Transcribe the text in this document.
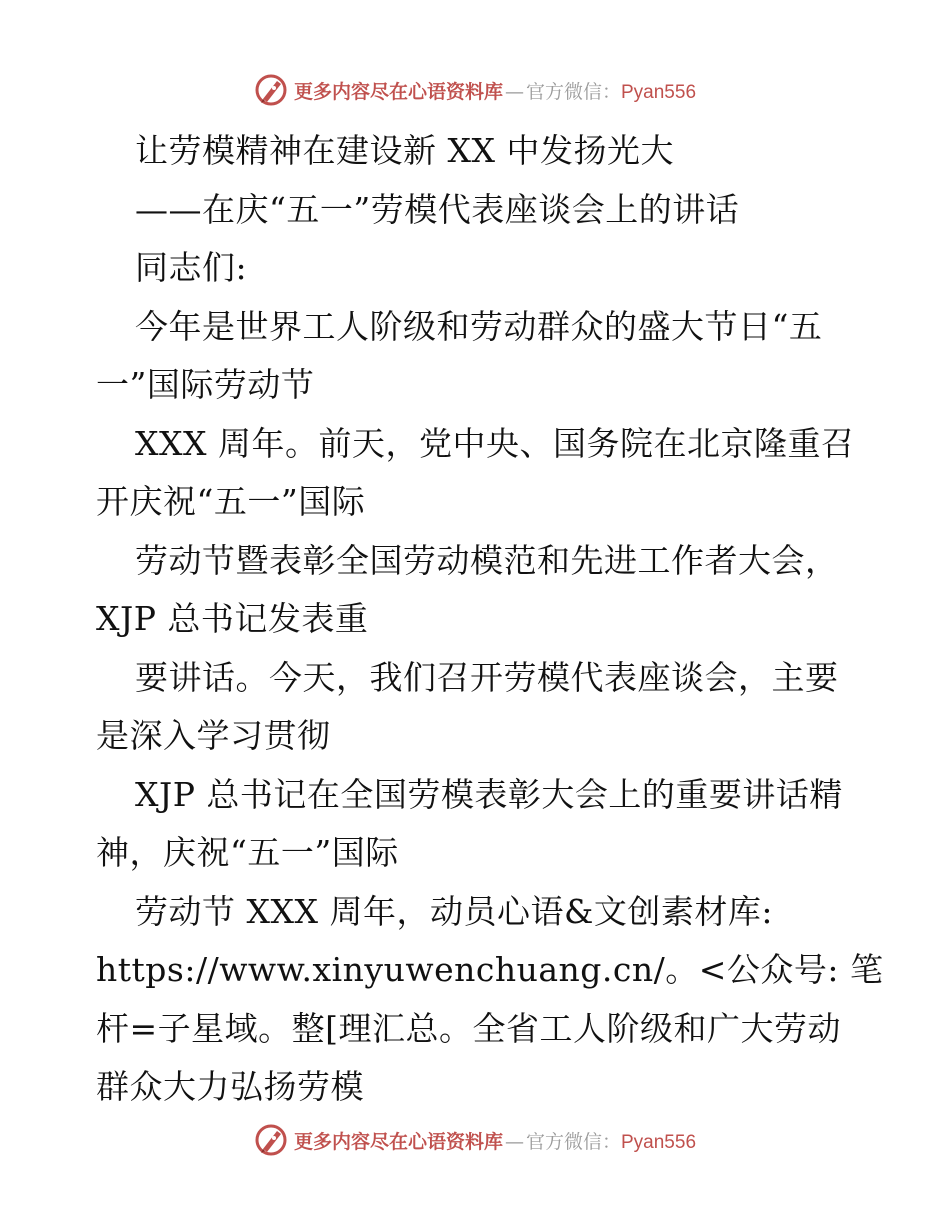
更多内容尽在心语资料库 — 官方微信： Pyan556
让劳模精神在建设新 XX 中发扬光大
——在庆“五一”劳模代表座谈会上的讲话
同志们:
今年是世界工人阶级和劳动群众的盛大节日“五
一”国际劳动节
XXX 周年。前天，党中央、国务院在北京隆重召
开庆祝“五一”国际
劳动节暨表彰全国劳动模范和先进工作者大会，
XJP 总书记发表重
要讲话。今天，我们召开劳模代表座谈会，主要
是深入学习贯彻
XJP 总书记在全国劳模表彰大会上的重要讲话精
神，庆祝“五一”国际
劳动节 XXX 周年，动员心语&文创素材库:
https://www.xinyuwenchuang.cn/。<公众号: 笔
杆=子星域。整[理汇总。全省工人阶级和广大劳动
群众大力弘扬劳模
更多内容尽在心语资料库 — 官方微信： Pyan556
